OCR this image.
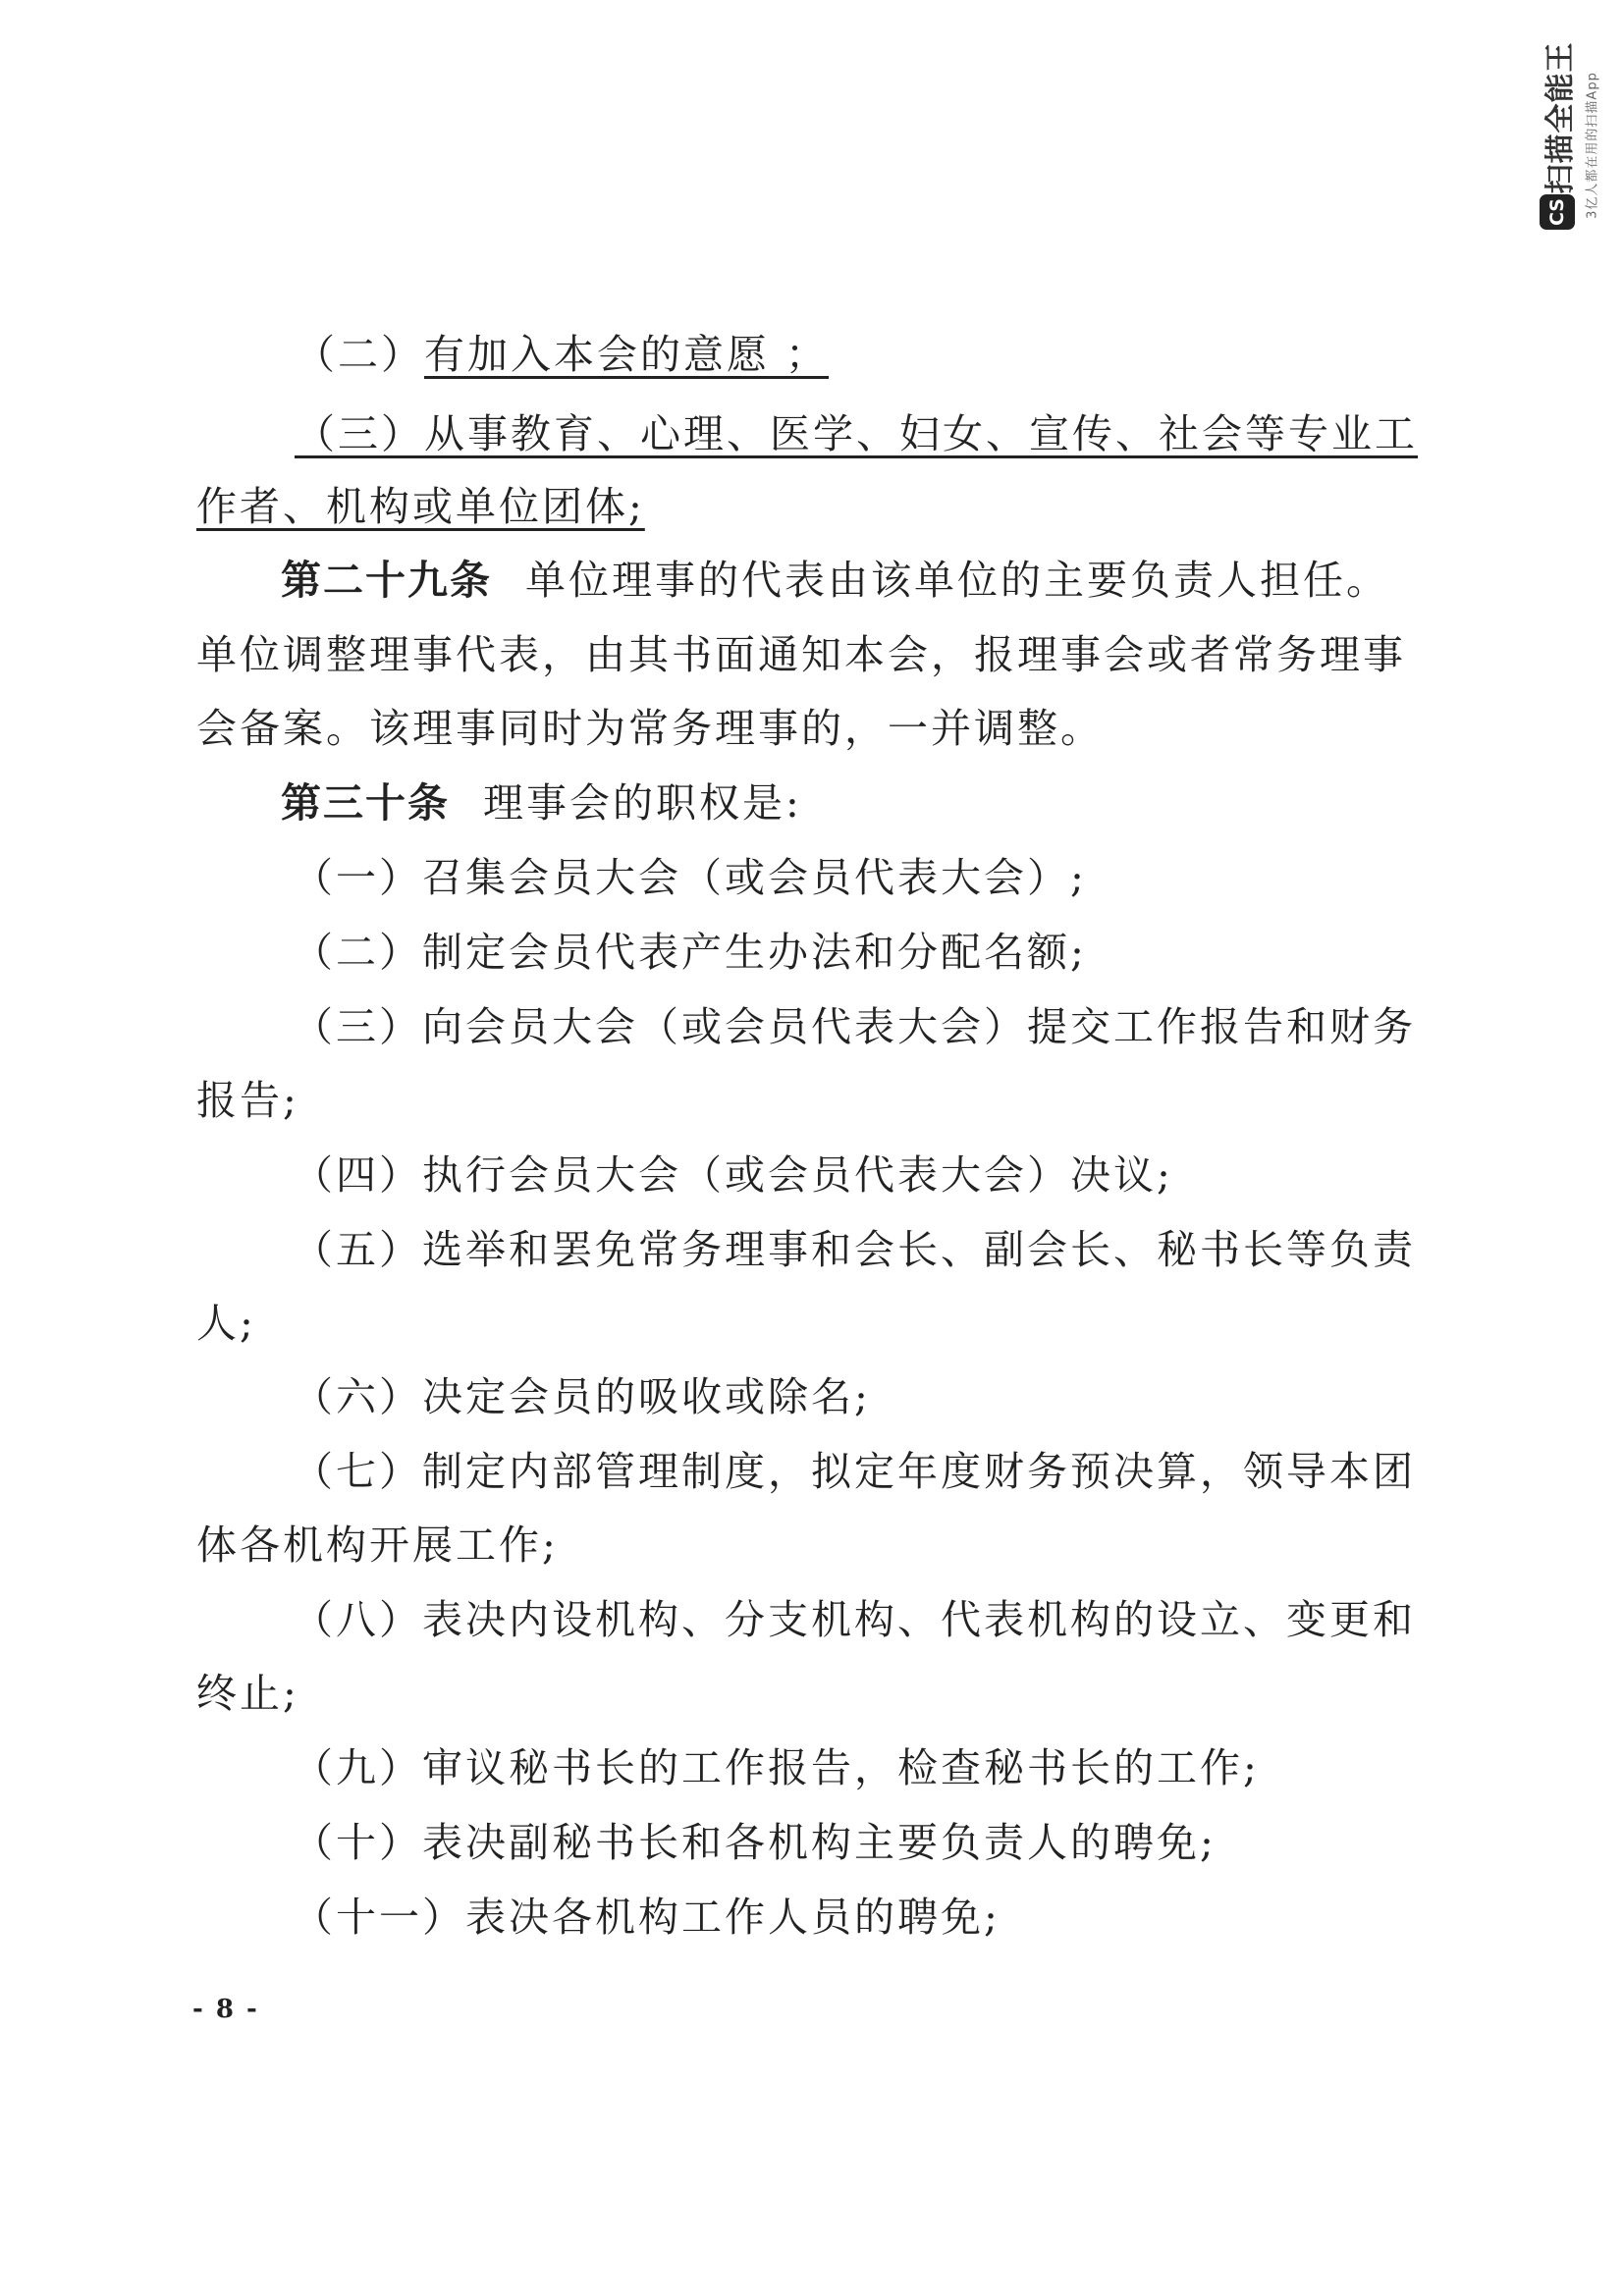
扫描全能王 3亿人都在用的扫描App
CS
（二）有加入本会的意愿 ；
（三）从事教育、心理、医学、妇女、宣传、社会等专业工
作者、机构或单位团体;
第二十九条 单位理事的代表由该单位的主要负责人担任。
单位调整理事代表，由其书面通知本会，报理事会或者常务理事
会备案。该理事同时为常务理事的，一并调整。
第三十条 理事会的职权是:
（一）召集会员大会（或会员代表大会）;
（二）制定会员代表产生办法和分配名额;
（三）向会员大会（或会员代表大会）提交工作报告和财务
报告;
（四）执行会员大会（或会员代表大会）决议;
（五）选举和罢免常务理事和会长、副会长、秘书长等负责
人;
（六）决定会员的吸收或除名;
（七）制定内部管理制度，拟定年度财务预决算，领导本团
体各机构开展工作;
（八）表决内设机构、分支机构、代表机构的设立、变更和
终止;
（九）审议秘书长的工作报告，检查秘书长的工作;
（十）表决副秘书长和各机构主要负责人的聘免;
（十一）表决各机构工作人员的聘免;
- 8 -
